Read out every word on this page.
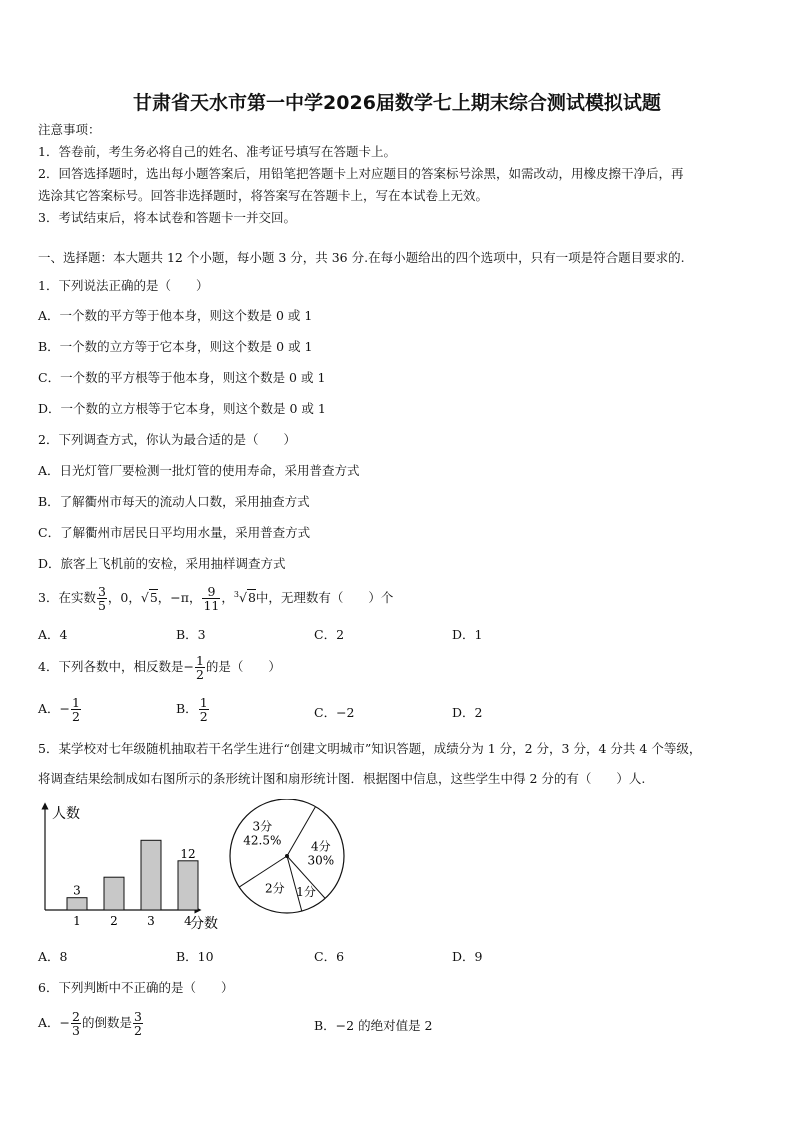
甘肃省天水市第一中学2026届数学七上期末综合测试模拟试题
注意事项：
1．答卷前，考生务必将自己的姓名、准考证号填写在答题卡上。
2．回答选择题时，选出每小题答案后，用铅笔把答题卡上对应题目的答案标号涂黑，如需改动，用橡皮擦干净后，再
选涂其它答案标号。回答非选择题时，将答案写在答题卡上，写在本试卷上无效。
3．考试结束后，将本试卷和答题卡一并交回。
一、选择题：本大题共 12 个小题，每小题 3 分，共 36 分.在每小题给出的四个选项中，只有一项是符合题目要求的.
1．下列说法正确的是（　　）
A．一个数的平方等于他本身，则这个数是 0 或 1
B．一个数的立方等于它本身，则这个数是 0 或 1
C．一个数的平方根等于他本身，则这个数是 0 或 1
D．一个数的立方根等于它本身，则这个数是 0 或 1
2．下列调查方式，你认为最合适的是（　　）
A．日光灯管厂要检测一批灯管的使用寿命，采用普查方式
B．了解衢州市每天的流动人口数，采用抽查方式
C．了解衢州市居民日平均用水量，采用普查方式
D．旅客上飞机前的安检，采用抽样调查方式
3．在实数 $\frac{3}{5}$ ，0，√5，−π， $\frac{9}{11}$ ，$^3$√8中，无理数有（　　）个
A．4	B．3	C．2	D．1
4．下列各数中，相反数是− $\frac{1}{2}$ 的是（　　）
A．− $\frac{1}{2}$	B． $\frac{1}{2}$	C．−2	D．2
5．某学校对七年级随机抽取若干名学生进行“创建文明城市”知识答题，成绩分为 1 分，2 分，3 分，4 分共 4 个等级，
将调查结果绘制成如右图所示的条形统计图和扇形统计图．根据图中信息，这些学生中得 2 分的有（　　）人.
人数
分数
1
3
2 3 4
12
4分
30%
1分
2分
3分
42.5%
A．8	B．10	C．6	D．9
6．下列判断中不正确的是（　　）
A．− $\frac{2}{3}$ 的倒数是 $\frac{3}{2}$	B．−2 的绝对值是 2
